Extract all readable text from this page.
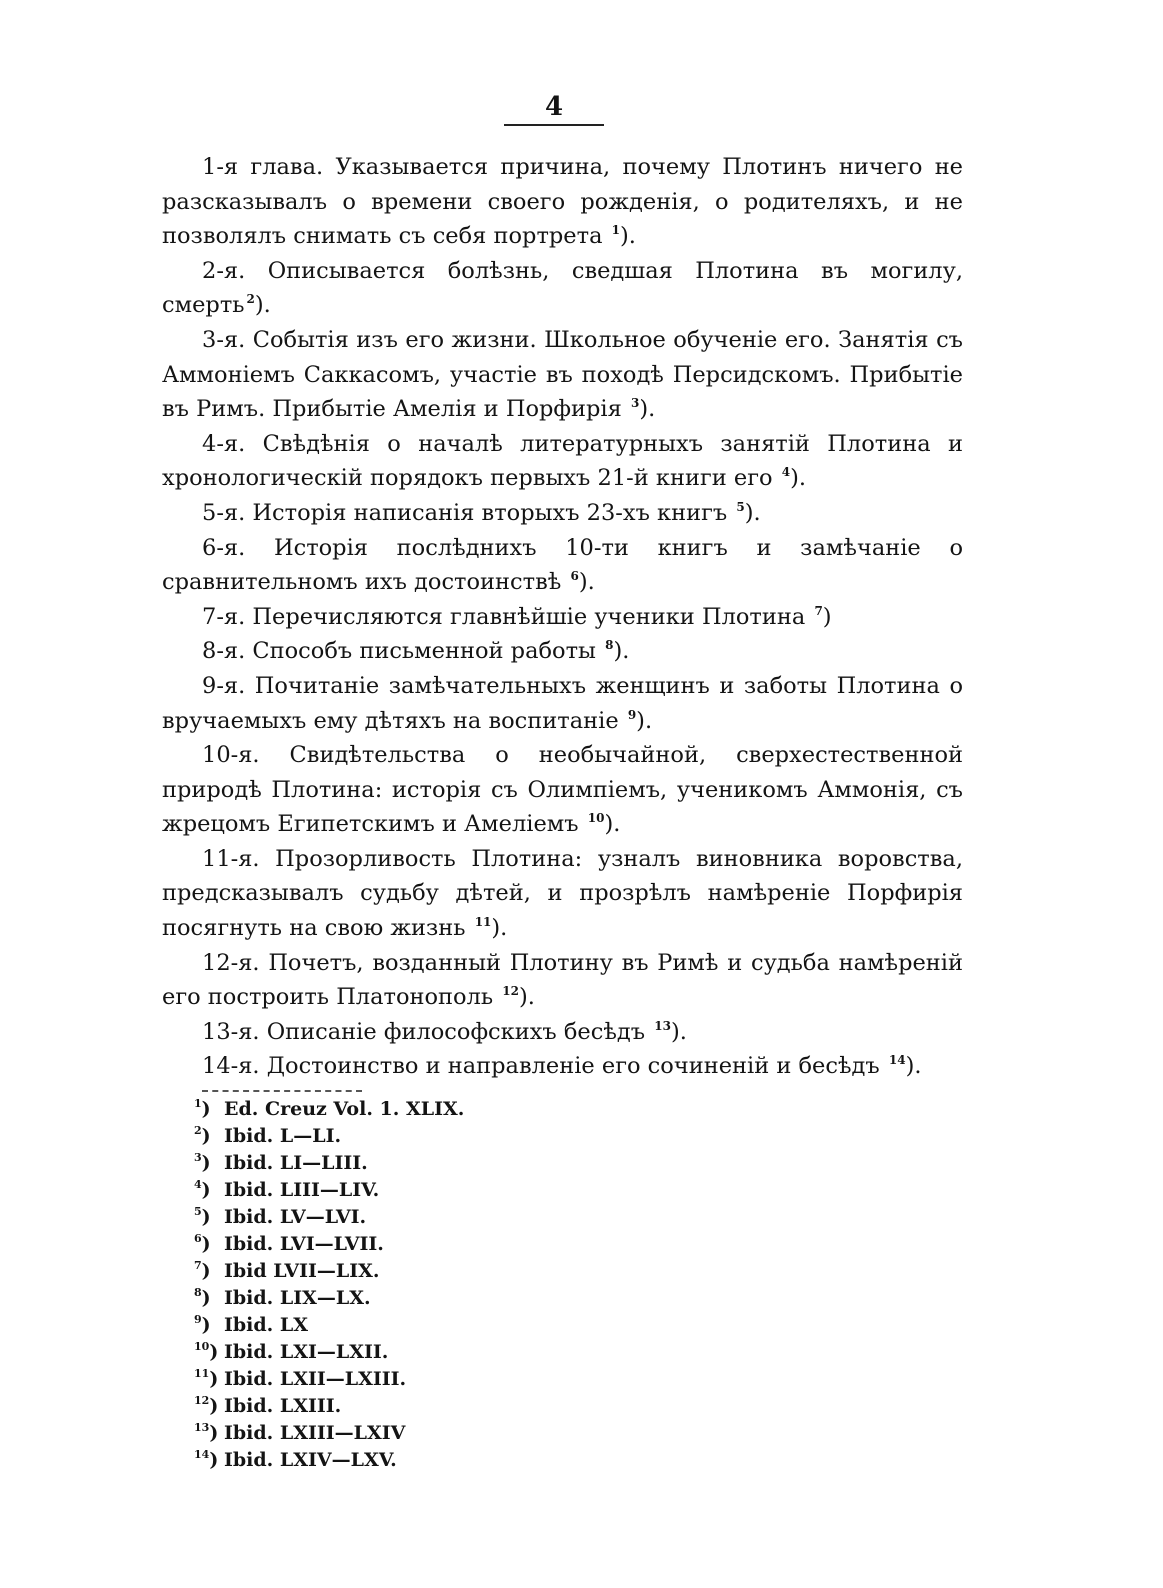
4

1-я глава. Указывается причина, почему Плотинъ ничего не разсказывалъ о времени своего рожденія, о родителяхъ, и не позволялъ снимать съ себя портрета $^1$).

2-я. Описывается болѣзнь, сведшая Плотина въ могилу, смерть $^2$).

3-я. Событія изъ его жизни. Школьное обученіе его. Занятія съ Аммоніемъ Саккасомъ, участіе въ походѣ Персидскомъ. Прибытіе въ Римъ. Прибытіе Амелія и Порфирія $^3$).

4-я. Свѣдѣнія о началѣ литературныхъ занятій Плотина и хронологическій порядокъ первыхъ 21-й книги его $^4$).

5-я. Исторія написанія вторыхъ 23-хъ книгъ $^5$).

6-я. Исторія послѣднихъ 10-ти книгъ и замѣчаніе о сравнительномъ ихъ достоинствѣ $^6$).

7-я. Перечисляются главнѣйшіе ученики Плотина $^7$)

8-я. Способъ письменной работы $^8$).

9-я. Почитаніе замѣчательныхъ женщинъ и заботы Плотина о вручаемыхъ ему дѣтяхъ на воспитаніе $^9$).

10-я. Свидѣтельства о необычайной, сверхестественной природѣ Плотина: исторія съ Олимпіемъ, ученикомъ Аммонія, съ жрецомъ Египетскимъ и Амеліемъ $^{10}$).

11-я. Прозорливость Плотина: узналъ виновника воровства, предсказывалъ судьбу дѣтей, и прозрѣлъ намѣреніе Порфирія посягнуть на свою жизнь $^{11}$).

12-я. Почетъ, возданный Плотину въ Римѣ и судьба намѣреній его построить Платонополь $^{12}$).

13-я. Описаніе философскихъ бесѣдъ $^{13}$).

14-я. Достоинство и направленіе его сочиненій и бесѣдъ $^{14}$).

$^1$) Ed. Creuz Vol. 1. XLIX.

$^2$) Ibid. L—LI.

$^3$) Ibid. LI—LIII.

$^4$) Ibid. LIII—LIV.

$^5$) Ibid. LV—LVI.

$^6$) Ibid. LVI—LVII.

$^7$) Ibid LVII—LIX.

$^8$) Ibid. LIX—LX.

$^9$) Ibid. LX

$^{10}$) Ibid. LXI—LXII.

$^{11}$) Ibid. LXII—LXIII.

$^{12}$) Ibid. LXIII.

$^{13}$) Ibid. LXIII—LXIV

$^{14}$) Ibid. LXIV—LXV.
